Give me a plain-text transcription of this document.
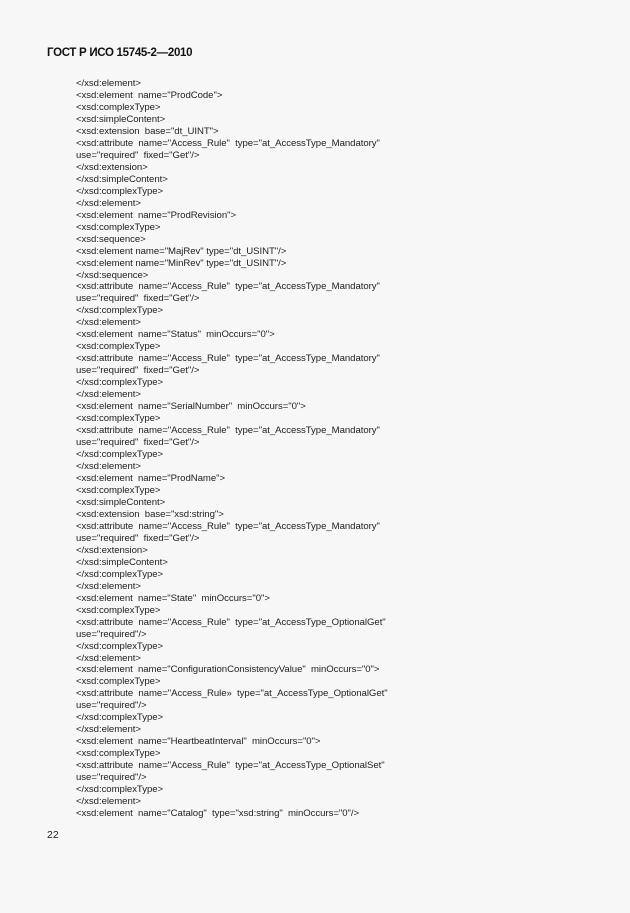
ГОСТ Р ИСО 15745-2—2010
</xsd:element>
<xsd:element  name="ProdCode">
<xsd:complexType>
<xsd:simpleContent>
<xsd:extension  base="dt_UINT">
<xsd:attribute  name="Access_Rule"  type="at_AccessType_Mandatory"
use="required"  fixed="Get"/>
</xsd:extension>
</xsd:simpleContent>
</xsd:complexType>
</xsd:element>
<xsd:element  name="ProdRevision">
<xsd:complexType>
<xsd:sequence>
<xsd:element name="MajRev" type="dt_USINT"/>
<xsd:element name="MinRev" type="dt_USINT"/>
</xsd:sequence>
<xsd:attribute  name="Access_Rule"  type="at_AccessType_Mandatory"
use="required"  fixed="Get"/>
</xsd:complexType>
</xsd:element>
<xsd:element  name="Status"  minOccurs="0">
<xsd:complexType>
<xsd:attribute  name="Access_Rule"  type="at_AccessType_Mandatory"
use="required"  fixed="Get"/>
</xsd:complexType>
</xsd:element>
<xsd:element  name="SerialNumber"  minOccurs="0">
<xsd:complexType>
<xsd:attribute  name="Access_Rule"  type="at_AccessType_Mandatory"
use="required"  fixed="Get"/>
</xsd:complexType>
</xsd:element>
<xsd:element  name="ProdName">
<xsd:complexType>
<xsd:simpleContent>
<xsd:extension  base="xsd:string">
<xsd:attribute  name="Access_Rule"  type="at_AccessType_Mandatory"
use="required"  fixed="Get"/>
</xsd:extension>
</xsd:simpleContent>
</xsd:complexType>
</xsd:element>
<xsd:element  name="State"  minOccurs="0">
<xsd:complexType>
<xsd:attribute  name="Access_Rule"  type="at_AccessType_OptionalGet"
use="required"/>
</xsd:complexType>
</xsd:element>
<xsd:element  name="ConfigurationConsistencyValue"  minOccurs="0">
<xsd:complexType>
<xsd:attribute  name="Access_Rule»  type="at_AccessType_OptionalGet"
use="required"/>
</xsd:complexType>
</xsd:element>
<xsd:element  name="HeartbeatInterval"  minOccurs="0">
<xsd:complexType>
<xsd:attribute  name="Access_Rule"  type="at_AccessType_OptionalSet"
use="required"/>
</xsd:complexType>
</xsd:element>
<xsd:element  name="Catalog"  type="xsd:string"  minOccurs="0"/>
22
